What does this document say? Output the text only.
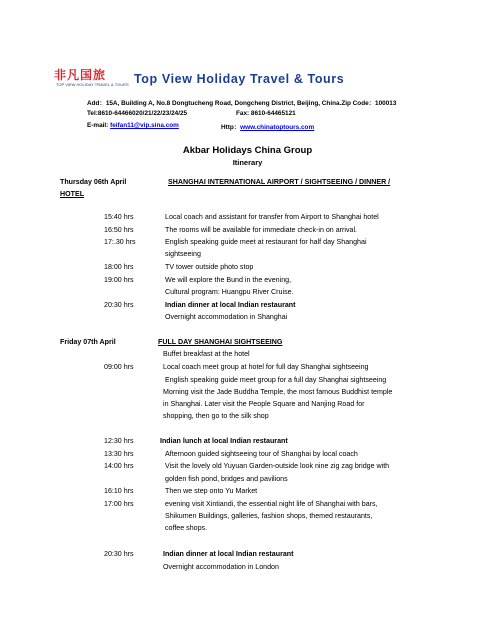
非凡国旅
TOP VIEW HOLIDAY TRAVEL & TOURS Top View Holiday Travel & Tours
Add：15A, Building A, No.8 Dongtucheng Road, Dongcheng District, Beijing, China.Zip Code：100013
Tel:8610-64466020/21/22/23/24/25	Fax: 8610-64465121
E-mail: feifan11@vip.sina.com	Http：www.chinatoptours.com
Akbar Holidays China Group
Itinerary
Thursday 06th April	SHANGHAI INTERNATIONAL AIRPORT / SIGHTSEEING / DINNER /
HOTEL
15:40 hrs	Local coach and assistant for transfer from Airport to Shanghai hotel
16:50 hrs	The rooms will be available for immediate check-in on arrival.
17:.30 hrs	English speaking guide meet at restaurant for half day Shanghai
sightseeing
18:00 hrs	TV tower outside photo stop
19:00 hrs	We will explore the Bund in the evening,
Cultural program: Huangpu River Cruise.
20:30 hrs	Indian dinner at local Indian restaurant
Overnight accommodation in Shanghai
Friday 07th April	FULL DAY SHANGHAI SIGHTSEEING
Buffet breakfast at the hotel
09:00 hrs	Local coach meet group at hotel for full day Shanghai sightseeing
English speaking guide meet group for a full day Shanghai sightseeing
Morning visit the Jade Buddha Temple, the most famous Buddhist temple
in Shanghai. Later visit the People Square and Nanjing Road for
shopping, then go to the silk shop
12:30 hrs	Indian lunch at local Indian restaurant
13:30 hrs	Afternoon guided sightseeing tour of Shanghai by local coach
14:00 hrs	Visit the lovely old Yuyuan Garden-outside look nine zig zag bridge with
golden fish pond, bridges and pavilions
16:10 hrs	Then we step onto Yu Market
17:00 hrs	evening visit Xintiandi, the essential night life of Shanghai with bars,
Shikumen Buildings, galleries, fashion shops, themed restaurants,
coffee shops.
20:30 hrs	Indian dinner at local Indian restaurant
Overnight accommodation in London
